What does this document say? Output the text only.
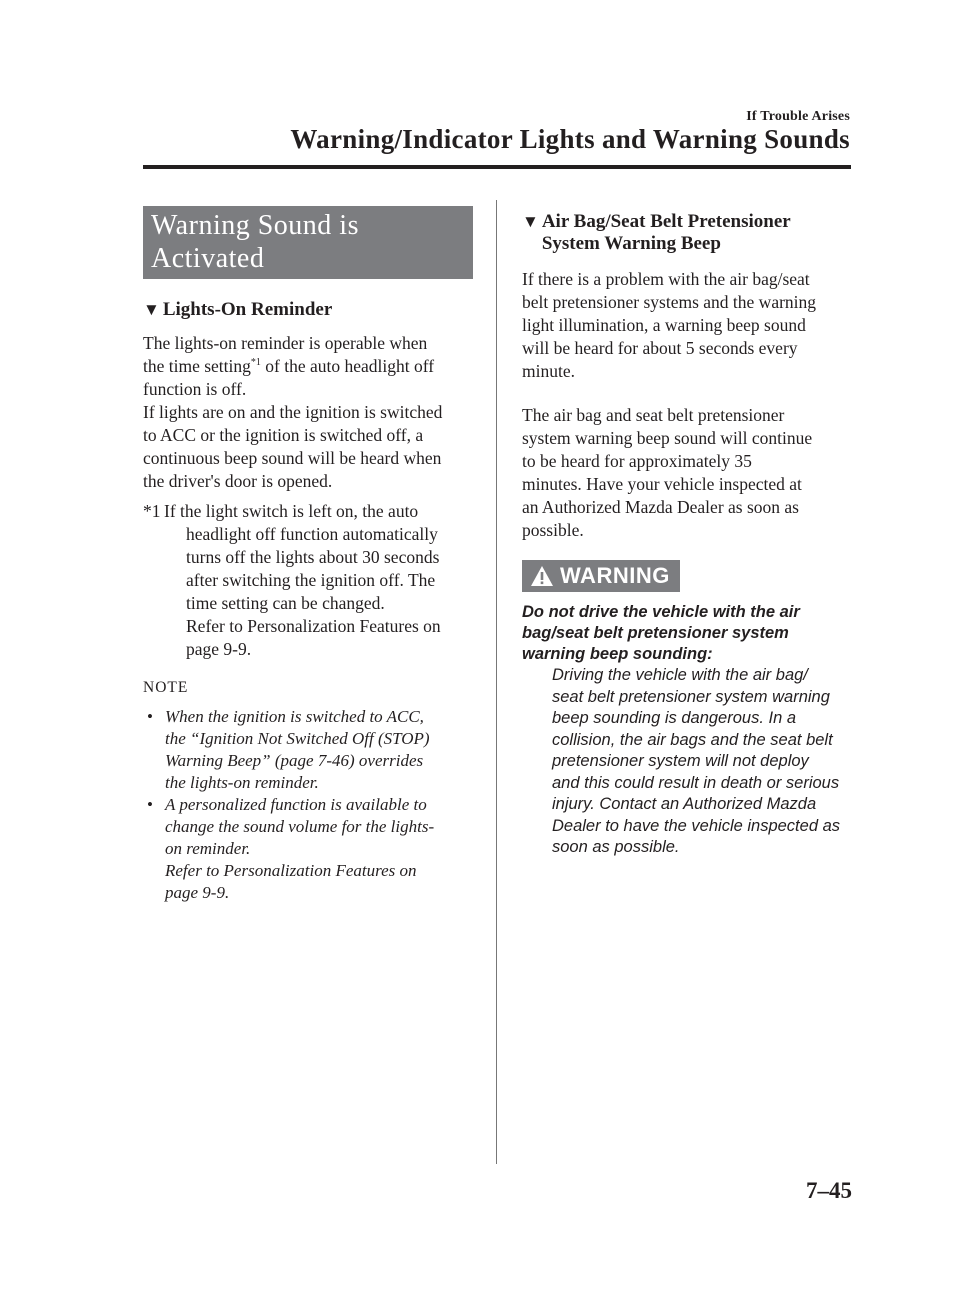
If Trouble Arises
Warning/Indicator Lights and Warning Sounds
Warning Sound is
Activated
▼ Lights-On Reminder
The lights-on reminder is operable when
the time setting$^{*1}$ of the auto headlight off
function is off.
If lights are on and the ignition is switched
to ACC or the ignition is switched off, a
continuous beep sound will be heard when
the driver's door is opened.
*1 If the light switch is left on, the auto
headlight off function automatically
turns off the lights about 30 seconds
after switching the ignition off. The
time setting can be changed.
Refer to Personalization Features on
page 9-9.
NOTE
• When the ignition is switched to ACC,
the “Ignition Not Switched Off (STOP)
Warning Beep” (page 7-46) overrides
the lights-on reminder.
• A personalized function is available to
change the sound volume for the lights-
on reminder.
Refer to Personalization Features on
page 9-9.
▼ Air Bag/Seat Belt Pretensioner
System Warning Beep
If there is a problem with the air bag/seat
belt pretensioner systems and the warning
light illumination, a warning beep sound
will be heard for about 5 seconds every
minute.
The air bag and seat belt pretensioner
system warning beep sound will continue
to be heard for approximately 35
minutes. Have your vehicle inspected at
an Authorized Mazda Dealer as soon as
possible.
WARNING
Do not drive the vehicle with the air
bag/seat belt pretensioner system
warning beep sounding:
Driving the vehicle with the air bag/
seat belt pretensioner system warning
beep sounding is dangerous. In a
collision, the air bags and the seat belt
pretensioner system will not deploy
and this could result in death or serious
injury. Contact an Authorized Mazda
Dealer to have the vehicle inspected as
soon as possible.
7–45
